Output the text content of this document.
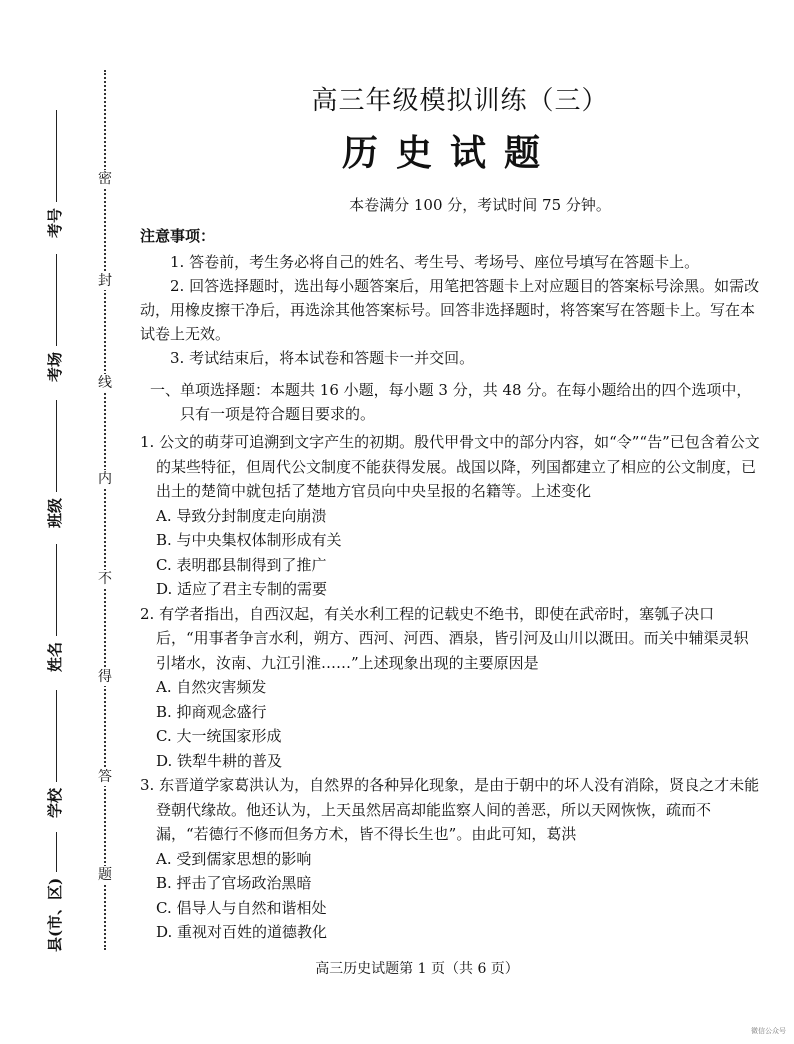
密
封
线
内
不
得
答
题
考号
考场
班级
姓名
学校
县(市、区)
高三年级模拟训练（三）
历史试题
本卷满分 100 分，考试时间 75 分钟。
注意事项：

1. 答卷前，考生务必将自己的姓名、考生号、考场号、座位号填写在答题卡上。

2. 回答选择题时，选出每小题答案后，用笔把答题卡上对应题目的答案标号涂黑。如需改动，用橡皮擦干净后，再选涂其他答案标号。回答非选择题时，将答案写在答题卡上。写在本试卷上无效。

3. 考试结束后，将本试卷和答题卡一并交回。

一、单项选择题：本题共 16 小题，每小题 3 分，共 48 分。在每小题给出的四个选项中，只有一项是符合题目要求的。

1. 公文的萌芽可追溯到文字产生的初期。殷代甲骨文中的部分内容，如“令”“告”已包含着公文的某些特征，但周代公文制度不能获得发展。战国以降，列国都建立了相应的公文制度，已出土的楚简中就包括了楚地方官员向中央呈报的名籍等。上述变化

A. 导致分封制度走向崩溃

B. 与中央集权体制形成有关

C. 表明郡县制得到了推广

D. 适应了君主专制的需要

2. 有学者指出，自西汉起，有关水利工程的记载史不绝书，即使在武帝时，塞瓠子决口后，“用事者争言水利，朔方、西河、河西、酒泉，皆引河及山川以溉田。而关中辅渠灵轵引堵水，汝南、九江引淮……”上述现象出现的主要原因是

A. 自然灾害频发

B. 抑商观念盛行

C. 大一统国家形成

D. 铁犁牛耕的普及

3. 东晋道学家葛洪认为，自然界的各种异化现象，是由于朝中的坏人没有消除，贤良之才未能登朝代缘故。他还认为，上天虽然居高却能监察人间的善恶，所以天网恢恢，疏而不漏，“若德行不修而但务方术，皆不得长生也”。由此可知，葛洪

A. 受到儒家思想的影响

B. 抨击了官场政治黑暗

C. 倡导人与自然和谐相处

D. 重视对百姓的道德教化

高三历史试题第 1 页（共 6 页）
微信公众号
